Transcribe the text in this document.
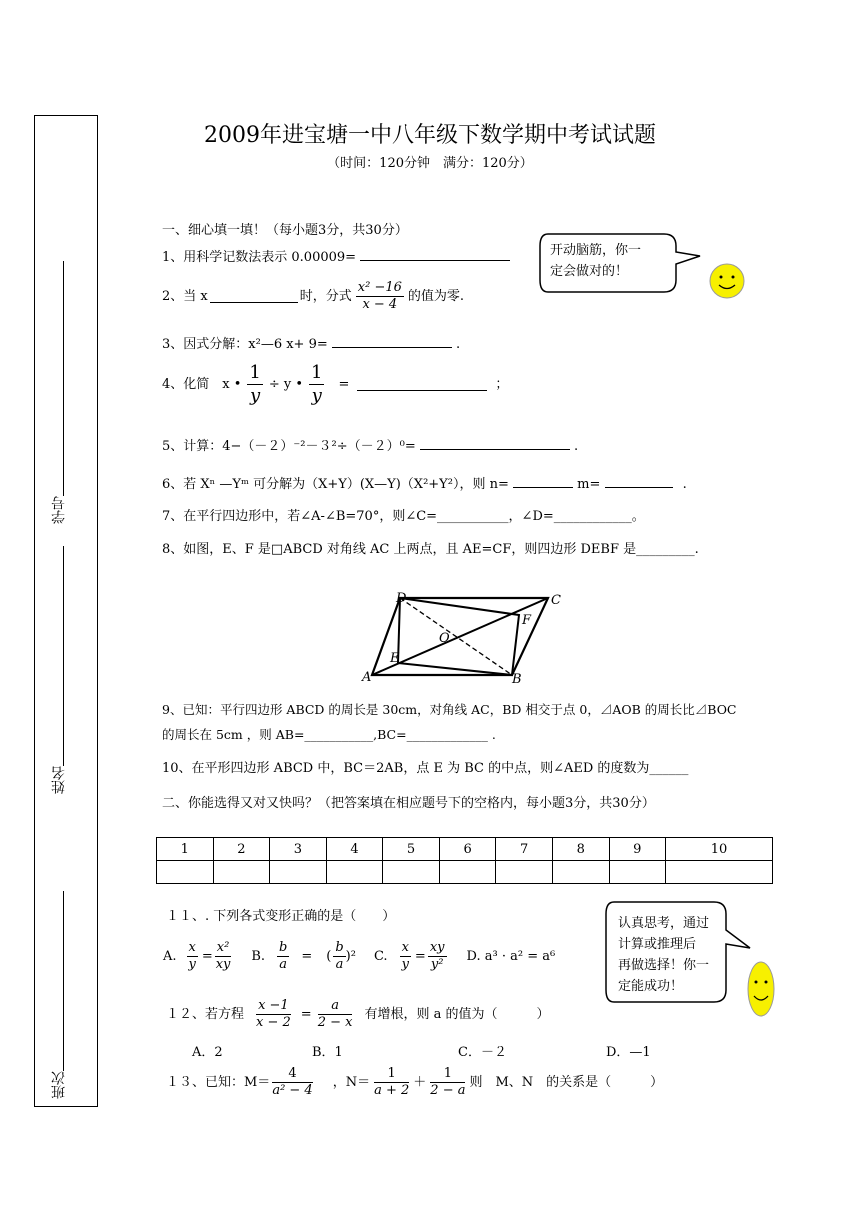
学号
姓名
班次
2009年进宝塘一中八年级下数学期中考试试题
（时间：120分钟　满分：120分）
一、细心填一填！（每小题3分，共30分）
1、用科学记数法表示 0.00009=
2、当 x	时，分式 $\frac{\text{x² −16}}{x - 4}$ 的值为零.
3、因式分解：x²—6 x+ 9=	.
4、化简　x • $\frac{1}{y} \div y$ • $\frac{1}{y}$ =	；
5、计算：4−（－２）⁻²－３²÷（－２）⁰=	.
6、若 Xⁿ —Yᵐ 可分解为（X+Y）(X—Y)（X²+Y²），则 n=	m=	.
7、在平行四边形中，若∠A-∠B=70°，则∠C=___________，∠D=____________。
8、如图，E、F 是□ABCD 对角线 AC 上两点，且 AE=CF，则四边形 DEBF 是_________.
D	C
O
F
E
A	B
9、已知：平行四边形 ABCD 的周长是 30cm，对角线 AC，BD 相交于点 0，⊿AOB 的周长比⊿BOC
的周长在 5cm ，则 AB=___________,BC=_____________ .
10、在平形四边形 ABCD 中，BC＝2AB，点 E 为 BC 的中点，则∠AED 的度数为______
开动脑筋，你一
定会做对的！
二、你能选得又对又快吗？（把答案填在相应题号下的空格内，每小题3分，共30分）
1	2	3	4	5	6	7	8	9	10

１１、. 下列各式变形正确的是（　　）
A. $\frac{x}{y} = \frac{\text{x²}}{xy} B$. $\frac{b}{a}$ = ( $\frac{b}{a} )^2$ C. $\frac{x}{y} = \frac{xy}{\text{y²}} D$. a³ · a² = a⁶
认真思考，通过
计算或推理后
再做选择！你一
定能成功！
１２、若方程 $\frac{x -1}{x - 2} = \frac{a}{2 - x}$ 有增根，则 a 的值为（　　　）
A．2	B．1	C．－２	D．—1
１３、已知：$M= \frac{4}{\text{a² − 4}}$ ，$N= \frac{1}{a + 2} + \frac{1}{2 - a}$ 则　M、N　的关系是（　　　）
